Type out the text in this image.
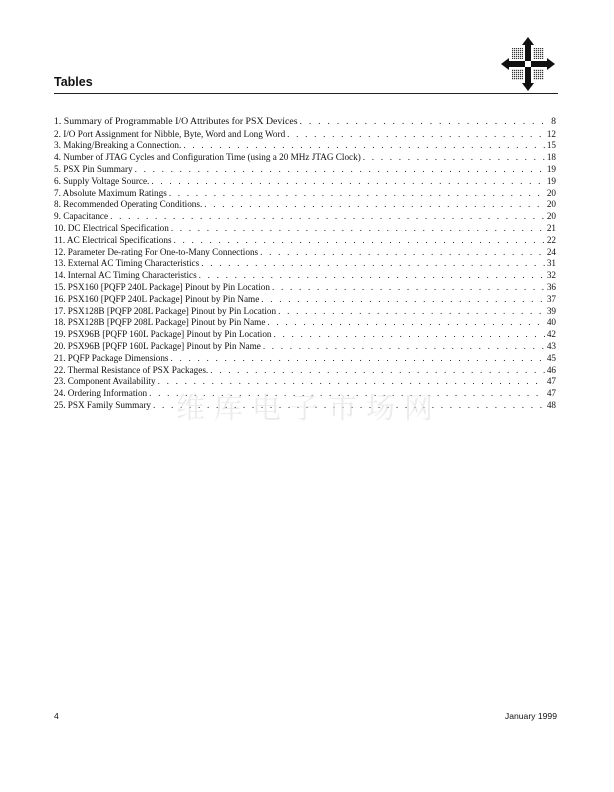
Tables
1. Summary of Programmable I/O Attributes for PSX Devices . . .	8
2. I/O Port Assignment for Nibble, Byte, Word and Long Word . . .	12
3. Making/Breaking a Connection. . . .	15
4. Number of JTAG Cycles and Configuration Time (using a 20 MHz JTAG Clock) . . .	18
5. PSX Pin Summary . . .	19
6. Supply Voltage Source. . . .	19
7. Absolute Maximum Ratings . . .	20
8. Recommended Operating Conditions. . . .	20
9. Capacitance . . .	20
10. DC Electrical Specification . . .	21
11. AC Electrical Specifications . . .	22
12. Parameter De-rating For One-to-Many Connections . . .	24
13. External AC Timing Characteristics . . .	31
14. Internal AC Timing Characteristics . . .	32
15. PSX160 [PQFP 240L Package] Pinout by Pin Location . . .	36
16. PSX160 [PQFP 240L Package] Pinout by Pin Name . . .	37
17. PSX128B [PQFP 208L Package] Pinout by Pin Location . . .	39
18. PSX128B [PQFP 208L Package] Pinout by Pin Name . . .	40
19. PSX96B [PQFP 160L Package] Pinout by Pin Location . . .	42
20. PSX96B [PQFP 160L Package] Pinout by Pin Name . . .	43
21. PQFP Package Dimensions . . .	45
22. Thermal Resistance of PSX Packages. . . .	46
23. Component Availability . . .	47
24. Ordering Information . . .	47
25. PSX Family Summary . . .	48
维库电子市场网
4	January 1999
